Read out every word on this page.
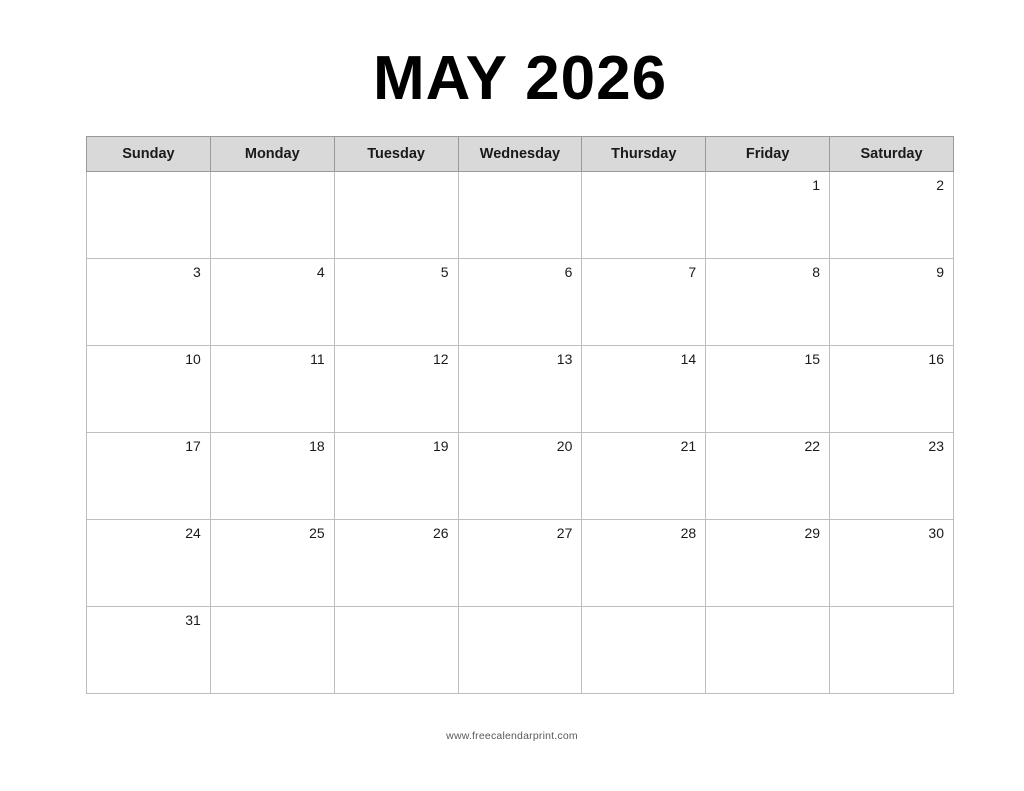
MAY 2026
Sunday	Monday	Tuesday	Wednesday	Thursday	Friday	Saturday

					1	2

3	4	5	6	7	8	9

10	11	12	13	14	15	16

17	18	19	20	21	22	23

24	25	26	27	28	29	30

31						

www.freecalendarprint.com
